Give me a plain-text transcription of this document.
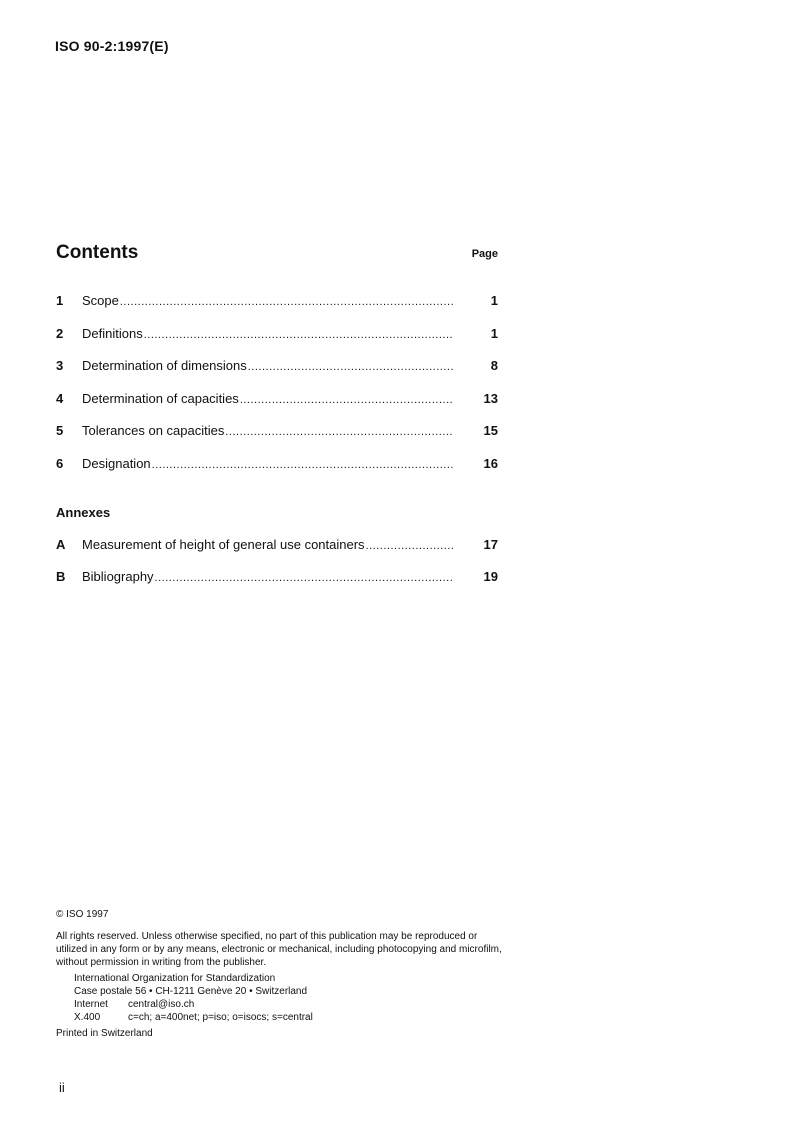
ISO 90-2:1997(E)
Contents	Page
1	Scope .....	1
2	Definitions .....	1
3	Determination of dimensions .....	8
4	Determination of capacities .....	13
5	Tolerances on capacities .....	15
6	Designation .....	16
Annexes
A	Measurement of height of general use containers .....	17
B	Bibliography .....	19
© ISO 1997
All rights reserved. Unless otherwise specified, no part of this publication may be reproduced or utilized in any form or by any means, electronic or mechanical, including photocopying and microfilm, without permission in writing from the publisher.
International Organization for Standardization
Case postale 56 • CH-1211 Genève 20 • Switzerland
Internet central@iso.ch
X.400	c=ch; a=400net; p=iso; o=isocs; s=central
Printed in Switzerland
ii
